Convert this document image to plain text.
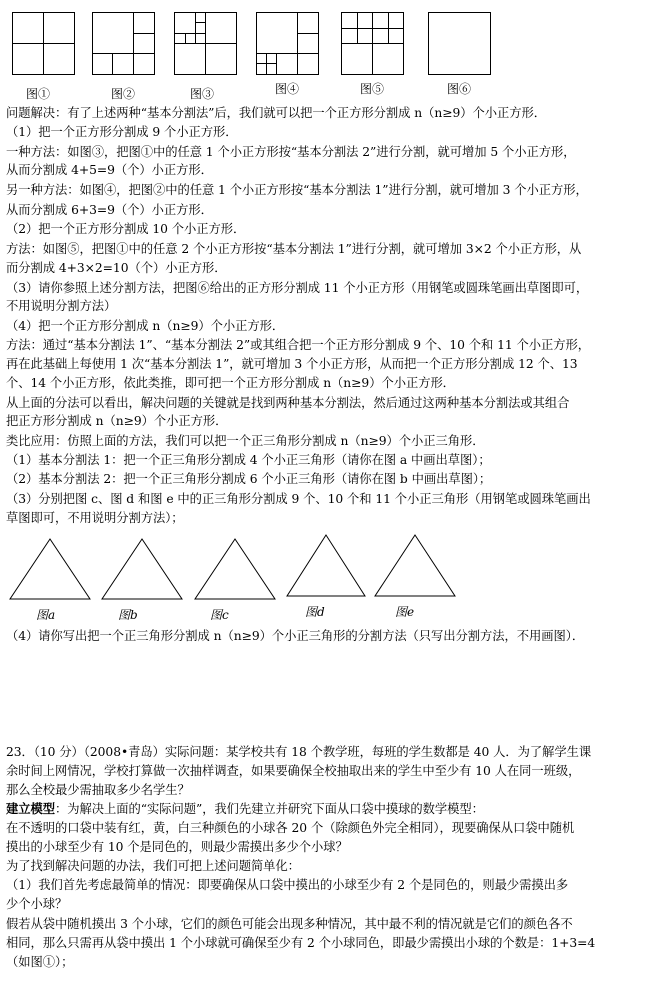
图①	图②	图③	图④	图⑤	图⑥
问题解决：有了上述两种“基本分割法”后，我们就可以把一个正方形分割成 n（n≥9）个小正方形．
（1）把一个正方形分割成 9 个小正方形．
一种方法：如图③，把图①中的任意 1 个小正方形按“基本分割法 2”进行分割，就可增加 5 个小正方形，
从而分割成 4+5=9（个）小正方形．
另一种方法：如图④，把图②中的任意 1 个小正方形按“基本分割法 1”进行分割，就可增加 3 个小正方形，
从而分割成 6+3=9（个）小正方形．
（2）把一个正方形分割成 10 个小正方形．
方法：如图⑤，把图①中的任意 2 个小正方形按“基本分割法 1”进行分割，就可增加 3×2 个小正方形，从
而分割成 4+3×2=10（个）小正方形．
（3）请你参照上述分割方法，把图⑥给出的正方形分割成 11 个小正方形（用钢笔或圆珠笔画出草图即可，
不用说明分割方法）
（4）把一个正方形分割成 n（n≥9）个小正方形．
方法：通过“基本分割法 1”、“基本分割法 2”或其组合把一个正方形分割成 9 个、10 个和 11 个小正方形，
再在此基础上每使用 1 次“基本分割法 1”，就可增加 3 个小正方形，从而把一个正方形分割成 12 个、13
个、14 个小正方形，依此类推，即可把一个正方形分割成 n（n≥9）个小正方形．
从上面的分法可以看出，解决问题的关键就是找到两种基本分割法，然后通过这两种基本分割法或其组合
把正方形分割成 n（n≥9）个小正方形．
类比应用：仿照上面的方法，我们可以把一个正三角形分割成 n（n≥9）个小正三角形．
（1）基本分割法 1：把一个正三角形分割成 4 个小正三角形（请你在图 a 中画出草图）；
（2）基本分割法 2：把一个正三角形分割成 6 个小正三角形（请你在图 b 中画出草图）；
（3）分别把图 c、图 d 和图 e 中的正三角形分割成 9 个、10 个和 11 个小正三角形（用钢笔或圆珠笔画出
草图即可，不用说明分割方法）；
图a	图b	图c	图d	图e
（4）请你写出把一个正三角形分割成 n（n≥9）个小正三角形的分割方法（只写出分割方法，不用画图）．
23．（10 分）（2008•青岛）实际问题：某学校共有 18 个教学班，每班的学生数都是 40 人．为了解学生课
余时间上网情况，学校打算做一次抽样调查，如果要确保全校抽取出来的学生中至少有 10 人在同一班级，
那么全校最少需抽取多少名学生？
建立模型：为解决上面的“实际问题”，我们先建立并研究下面从口袋中摸球的数学模型：
在不透明的口袋中装有红，黄，白三种颜色的小球各 20 个（除颜色外完全相同），现要确保从口袋中随机
摸出的小球至少有 10 个是同色的，则最少需摸出多少个小球？
为了找到解决问题的办法，我们可把上述问题简单化：
（1）我们首先考虑最简单的情况：即要确保从口袋中摸出的小球至少有 2 个是同色的，则最少需摸出多
少个小球？
假若从袋中随机摸出 3 个小球，它们的颜色可能会出现多种情况，其中最不利的情况就是它们的颜色各不
相同，那么只需再从袋中摸出 1 个小球就可确保至少有 2 个小球同色，即最少需摸出小球的个数是：1+3=4
（如图①）；
